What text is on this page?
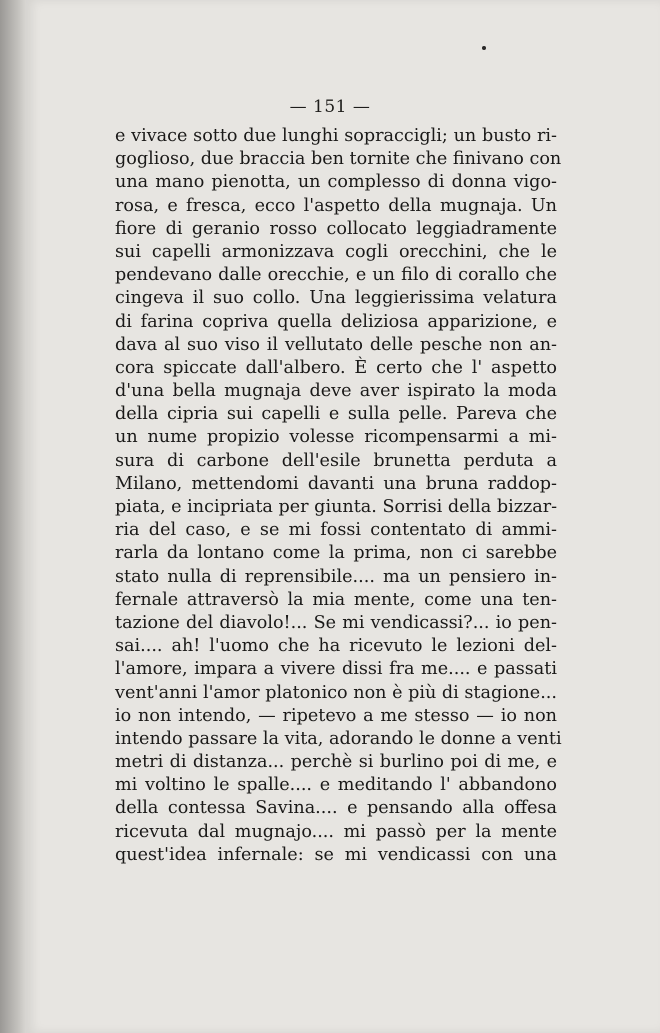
— 151 —
e vivace sotto due lunghi sopraccigli; un busto ri-
goglioso, due braccia ben tornite che finivano con
una mano pienotta, un complesso di donna vigo-
rosa, e fresca, ecco l'aspetto della mugnaja. Un
fiore di geranio rosso collocato leggiadramente
sui capelli armonizzava cogli orecchini, che le
pendevano dalle orecchie, e un filo di corallo che
cingeva il suo collo. Una leggierissima velatura
di farina copriva quella deliziosa apparizione, e
dava al suo viso il vellutato delle pesche non an-
cora spiccate dall'albero. È certo che l' aspetto
d'una bella mugnaja deve aver ispirato la moda
della cipria sui capelli e sulla pelle. Pareva che
un nume propizio volesse ricompensarmi a mi-
sura di carbone dell'esile brunetta perduta a
Milano, mettendomi davanti una bruna raddop-
piata, e incipriata per giunta. Sorrisi della bizzar-
ria del caso, e se mi fossi contentato di ammi-
rarla da lontano come la prima, non ci sarebbe
stato nulla di reprensibile.... ma un pensiero in-
fernale attraversò la mia mente, come una ten-
tazione del diavolo!... Se mi vendicassi?... io pen-
sai.... ah! l'uomo che ha ricevuto le lezioni del-
l'amore, impara a vivere dissi fra me.... e passati
vent'anni l'amor platonico non è più di stagione...
io non intendo, — ripetevo a me stesso — io non
intendo passare la vita, adorando le donne a venti
metri di distanza... perchè si burlino poi di me, e
mi voltino le spalle.... e meditando l' abbandono
della contessa Savina.... e pensando alla offesa
ricevuta dal mugnajo.... mi passò per la mente
quest'idea infernale: se mi vendicassi con una
